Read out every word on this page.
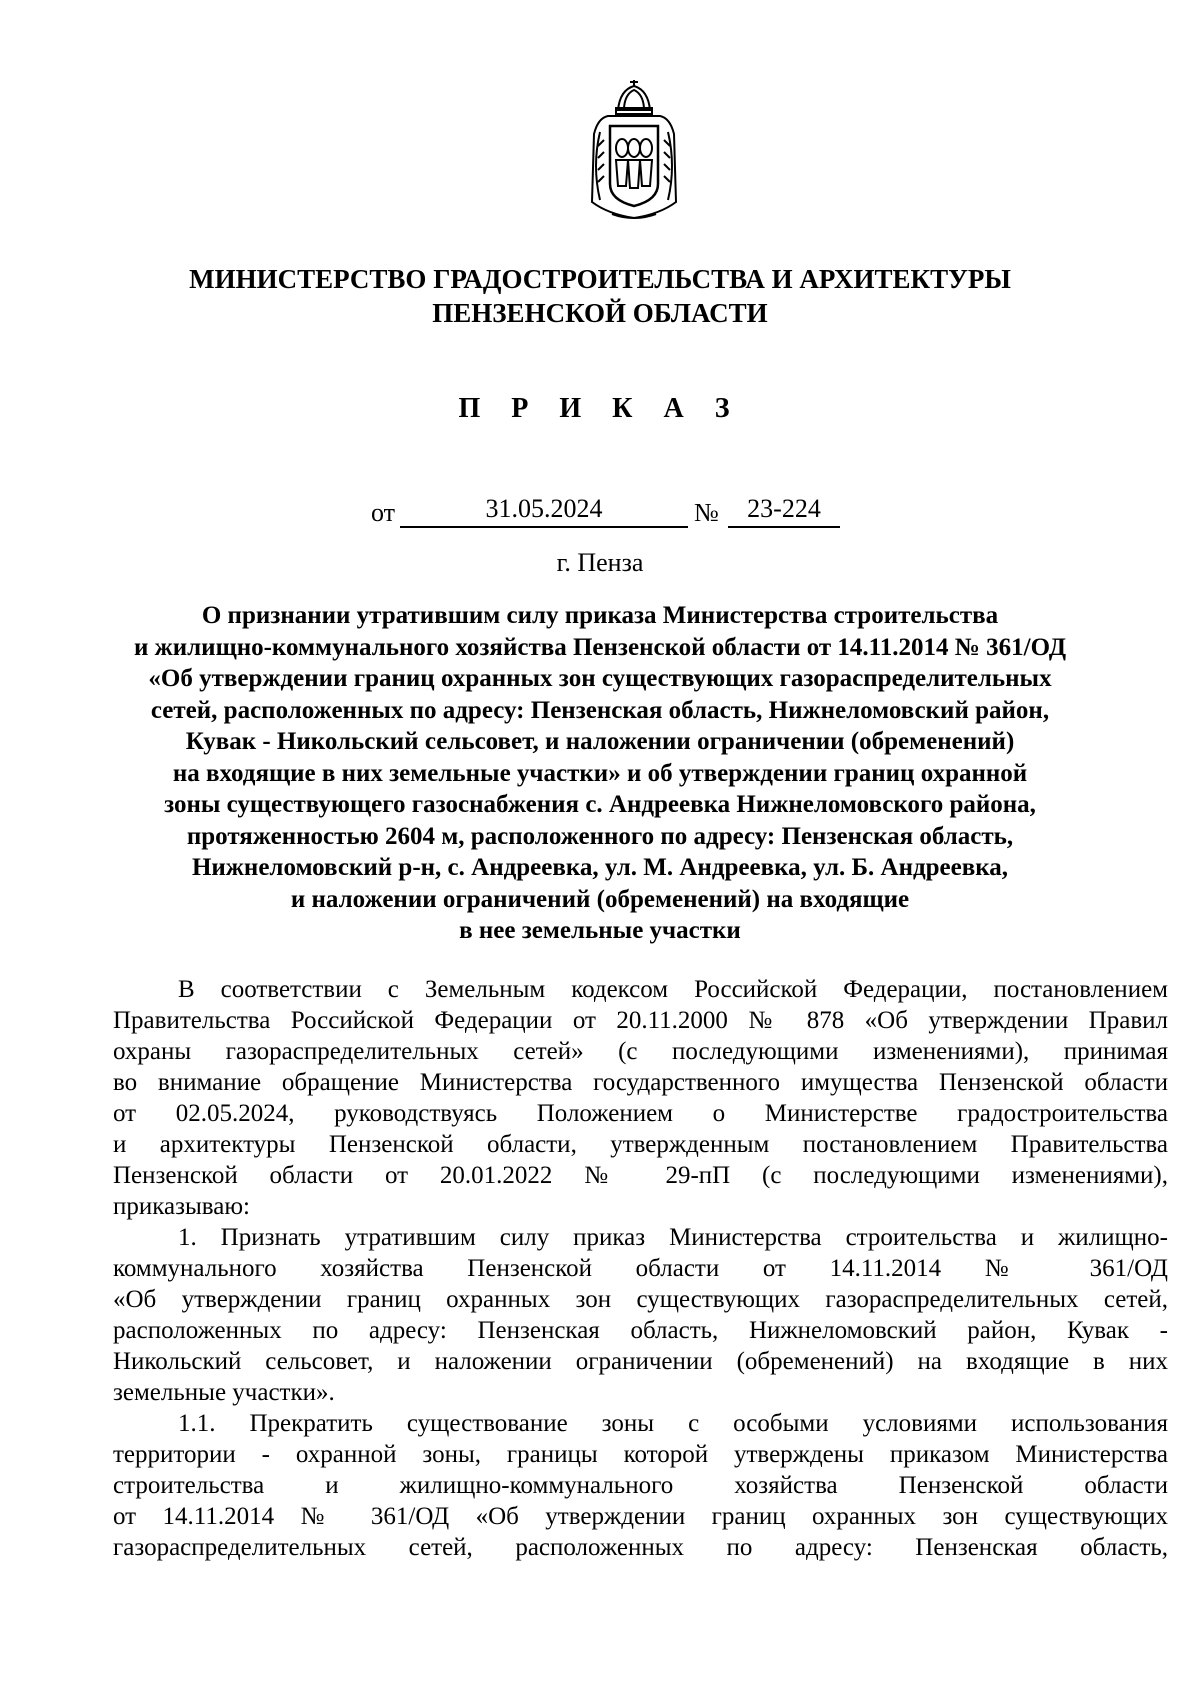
МИНИСТЕРСТВО ГРАДОСТРОИТЕЛЬСТВА И АРХИТЕКТУРЫ
ПЕНЗЕНСКОЙ ОБЛАСТИ
П Р И К А З
от	31.05.2024	№	23-224
г. Пенза
О признании утратившим силу приказа Министерства строительства
и жилищно-коммунального хозяйства Пензенской области от 14.11.2014 № 361/ОД
«Об утверждении границ охранных зон существующих газораспределительных
сетей, расположенных по адресу: Пензенская область, Нижнеломовский район,
Кувак - Никольский сельсовет, и наложении ограничении (обременений)
на входящие в них земельные участки» и об утверждении границ охранной
зоны существующего газоснабжения с. Андреевка Нижнеломовского района,
протяженностью 2604 м, расположенного по адресу: Пензенская область,
Нижнеломовский р-н, с. Андреевка, ул. М. Андреевка, ул. Б. Андреевка,
и наложении ограничений (обременений) на входящие
в нее земельные участки
В соответствии с Земельным кодексом Российской Федерации, постановлением
Правительства Российской Федерации от 20.11.2000 № 878 «Об утверждении Правил
охраны газораспределительных сетей» (с последующими изменениями), принимая
во внимание обращение Министерства государственного имущества Пензенской области
от 02.05.2024, руководствуясь Положением о Министерстве градостроительства
и архитектуры Пензенской области, утвержденным постановлением Правительства
Пензенской области от 20.01.2022 № 29-пП (с последующими изменениями),
приказываю:
1. Признать утратившим силу приказ Министерства строительства и жилищно-
коммунального хозяйства Пензенской области от 14.11.2014 № 361/ОД
«Об утверждении границ охранных зон существующих газораспределительных сетей,
расположенных по адресу: Пензенская область, Нижнеломовский район, Кувак -
Никольский сельсовет, и наложении ограничении (обременений) на входящие в них
земельные участки».
1.1. Прекратить существование зоны с особыми условиями использования
территории - охранной зоны, границы которой утверждены приказом Министерства
строительства и жилищно-коммунального хозяйства Пензенской области
от 14.11.2014 № 361/ОД «Об утверждении границ охранных зон существующих
газораспределительных сетей, расположенных по адресу: Пензенская область,
